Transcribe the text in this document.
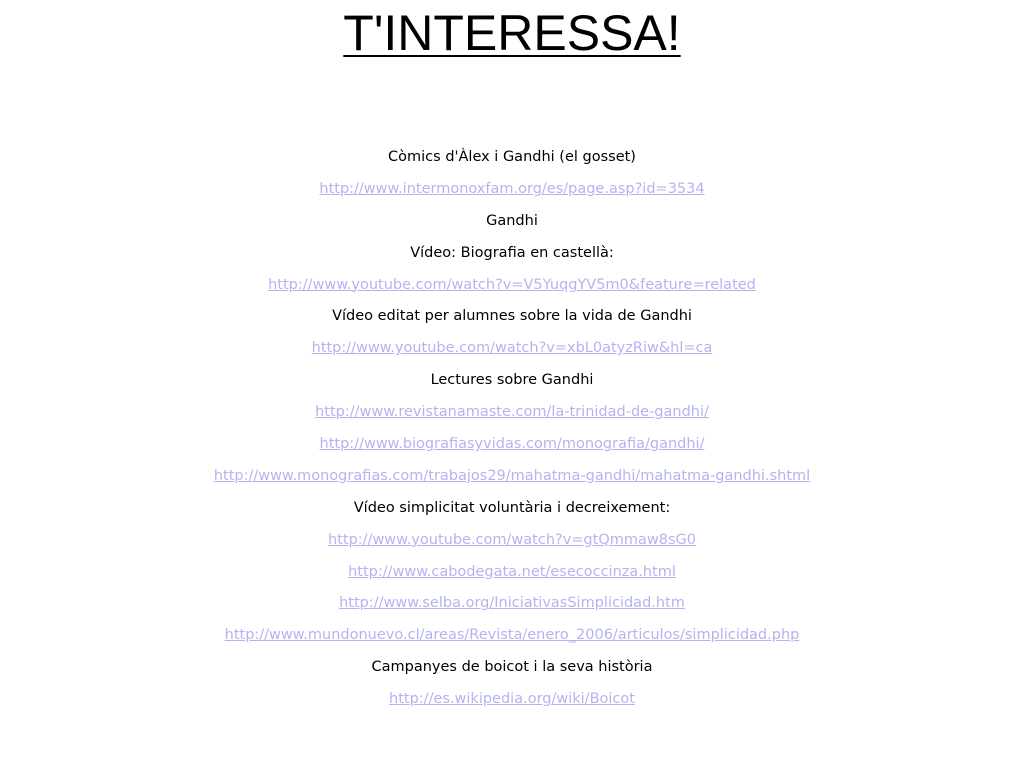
T'INTERESSA!
Còmics d'Àlex i Gandhi (el gosset)
http://www.intermonoxfam.org/es/page.asp?id=3534
Gandhi
Vídeo: Biografia en castellà:
http://www.youtube.com/watch?v=V5YuqgYV5m0&feature=related
Vídeo editat per alumnes sobre la vida de Gandhi
http://www.youtube.com/watch?v=xbL0atyzRiw&hl=ca
Lectures sobre Gandhi
http://www.revistanamaste.com/la-trinidad-de-gandhi/
http://www.biografiasyvidas.com/monografia/gandhi/
http://www.monografias.com/trabajos29/mahatma-gandhi/mahatma-gandhi.shtml
Vídeo simplicitat voluntària i decreixement:
http://www.youtube.com/watch?v=gtQmmaw8sG0
http://www.cabodegata.net/esecoccinza.html
http://www.selba.org/IniciativasSimplicidad.htm
http://www.mundonuevo.cl/areas/Revista/enero_2006/articulos/simplicidad.php
Campanyes de boicot i la seva història
http://es.wikipedia.org/wiki/Boicot
